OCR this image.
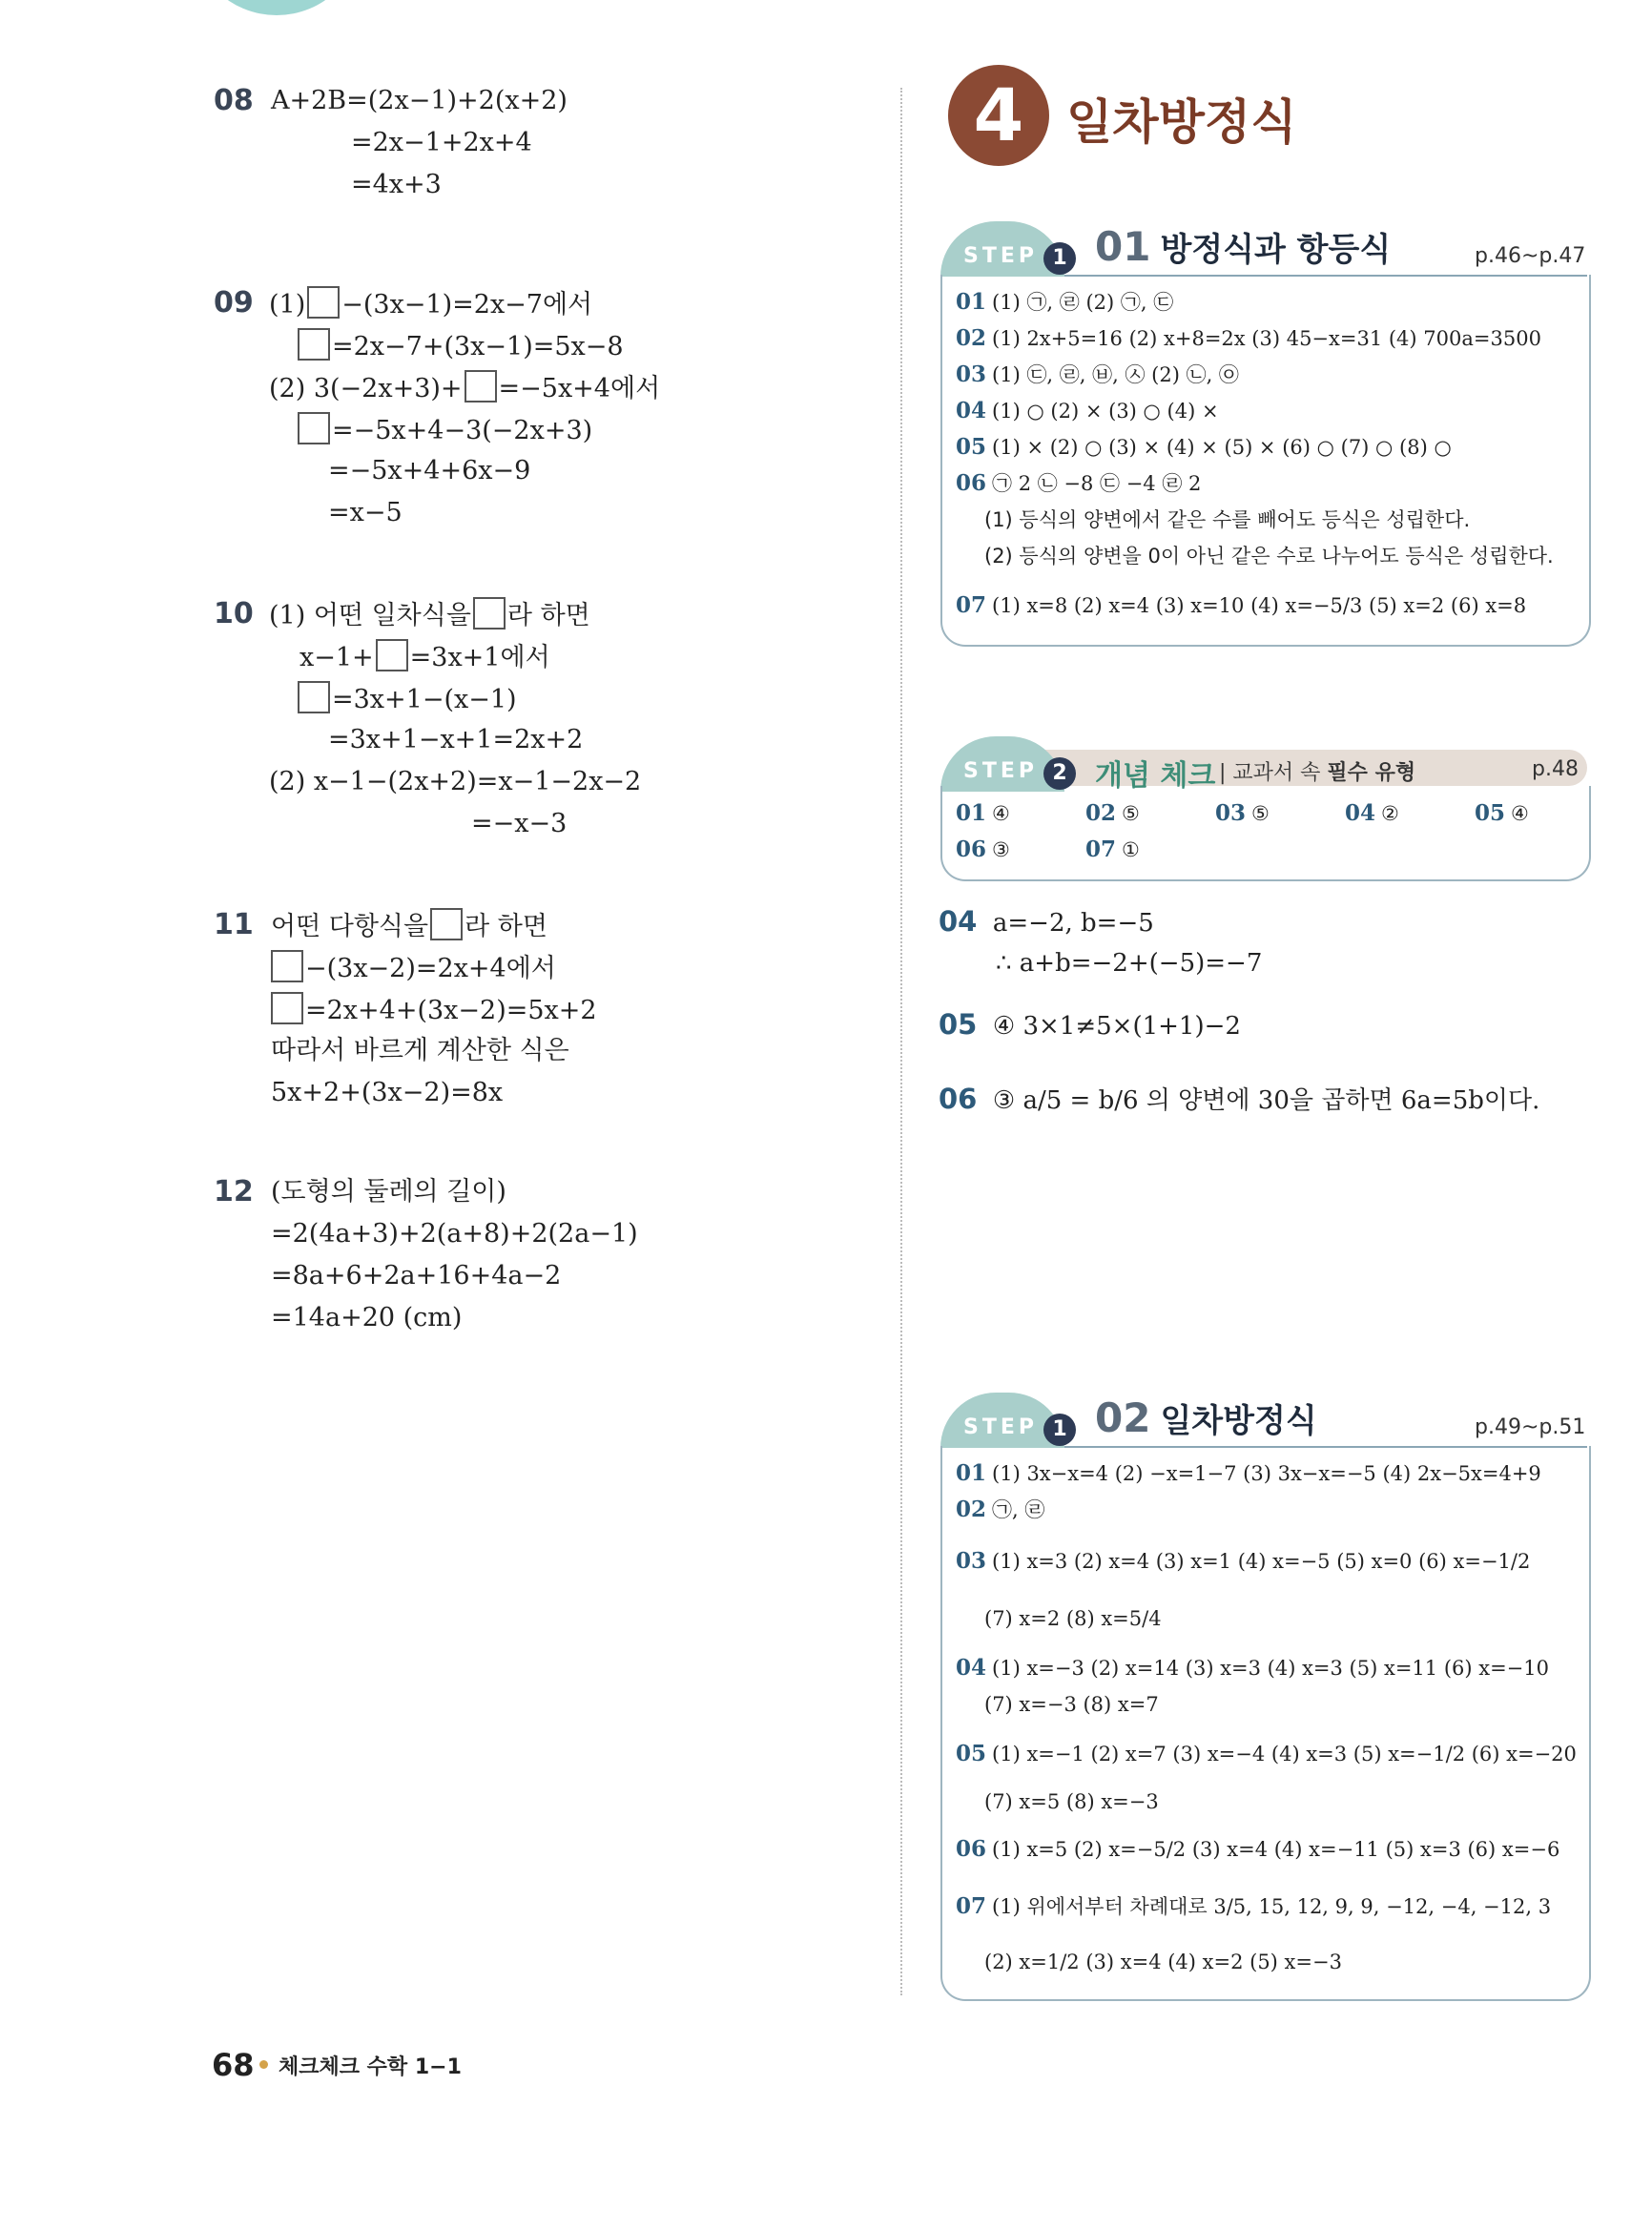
08 A+2B=(2x−1)+2(x+2)
=2x−1+2x+4
=4x+3
09 (1) −(3x−1)=2x−7에서
=2x−7+(3x−1)=5x−8
(2) 3(−2x+3)+ =−5x+4에서
=−5x+4−3(−2x+3)
=−5x+4+6x−9
=x−5
10 (1) 어떤 일차식을 라 하면
x−1+ =3x+1에서
=3x+1−(x−1)
=3x+1−x+1=2x+2
(2) x−1−(2x+2)=x−1−2x−2
=−x−3
11 어떤 다항식을 라 하면
−(3x−2)=2x+4에서
=2x+4+(3x−2)=5x+2
따라서 바르게 계산한 식은
5x+2+(3x−2)=8x
12 (도형의 둘레의 길이)
=2(4a+3)+2(a+8)+2(2a−1)
=8a+6+2a+16+4a−2
=14a+20 (cm)
4 일차방정식
STEP 1 01 방정식과 항등식	p.46~p.47
01 (1) ㉠, ㉣ (2) ㉠, ㉢
02 (1) 2x+5=16 (2) x+8=2x (3) 45−x=31 (4) 700a=3500
03 (1) ㉢, ㉣, ㉥, ㉦ (2) ㉡, ㉧
04 (1) ○ (2) × (3) ○ (4) ×
05 (1) × (2) ○ (3) × (4) × (5) × (6) ○ (7) ○ (8) ○
06 ㉠ 2 ㉡ −8 ㉢ −4 ㉣ 2
(1) 등식의 양변에서 같은 수를 빼어도 등식은 성립한다.
(2) 등식의 양변을 0이 아닌 같은 수로 나누어도 등식은 성립한다.
07 (1) x=8 (2) x=4 (3) x=10 (4) x=−5/3 (5) x=2 (6) x=8
STEP 2 개념 체크 | 교과서 속 필수 유형	p.48
01 ④	02 ⑤	03 ⑤	04 ②	05 ④
06 ③	07 ①
04 a=−2, b=−5
∴ a+b=−2+(−5)=−7
05 ④ 3×1≠5×(1+1)−2
06 ③ a/5 = b/6 의 양변에 30을 곱하면 6a=5b이다.
STEP 1 02 일차방정식	p.49~p.51
01 (1) 3x−x=4 (2) −x=1−7 (3) 3x−x=−5 (4) 2x−5x=4+9
02 ㉠, ㉣
03 (1) x=3 (2) x=4 (3) x=1 (4) x=−5 (5) x=0 (6) x=−1/2
(7) x=2 (8) x=5/4
04 (1) x=−3 (2) x=14 (3) x=3 (4) x=3 (5) x=11 (6) x=−10
(7) x=−3 (8) x=7
05 (1) x=−1 (2) x=7 (3) x=−4 (4) x=3 (5) x=−1/2 (6) x=−20
(7) x=5 (8) x=−3
06 (1) x=5 (2) x=−5/2 (3) x=4 (4) x=−11 (5) x=3 (6) x=−6
07 (1) 위에서부터 차례대로 3/5, 15, 12, 9, 9, −12, −4, −12, 3
(2) x=1/2 (3) x=4 (4) x=2 (5) x=−3
68 체크체크 수학 1−1
